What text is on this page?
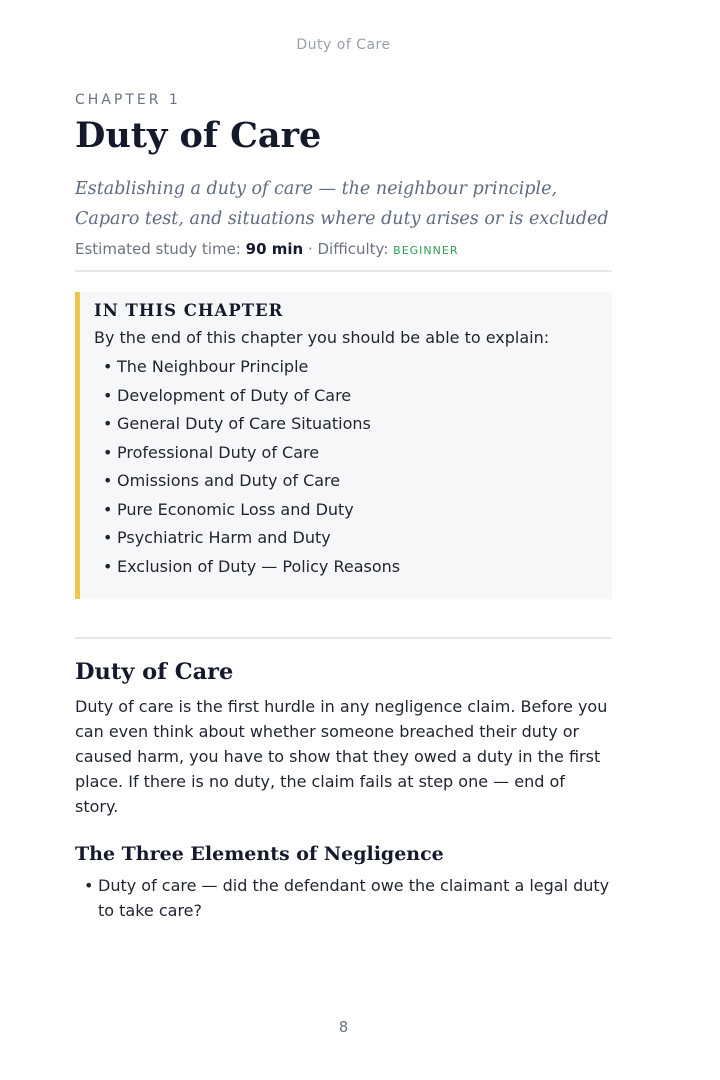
Duty of Care
CHAPTER 1
Duty of Care
Establishing a duty of care — the neighbour principle,
Caparo test, and situations where duty arises or is excluded
Estimated study time: 90 min · Difficulty: BEGINNER
IN THIS CHAPTER
By the end of this chapter you should be able to explain:
• The Neighbour Principle
• Development of Duty of Care
• General Duty of Care Situations
• Professional Duty of Care
• Omissions and Duty of Care
• Pure Economic Loss and Duty
• Psychiatric Harm and Duty
• Exclusion of Duty — Policy Reasons
Duty of Care

Duty of care is the first hurdle in any negligence claim. Before you can even think about whether someone breached their duty or caused harm, you have to show that they owed a duty in the first place. If there is no duty, the claim fails at step one — end of story.

The Three Elements of Negligence
• Duty of care — did the defendant owe the claimant a legal duty to take care?
8
